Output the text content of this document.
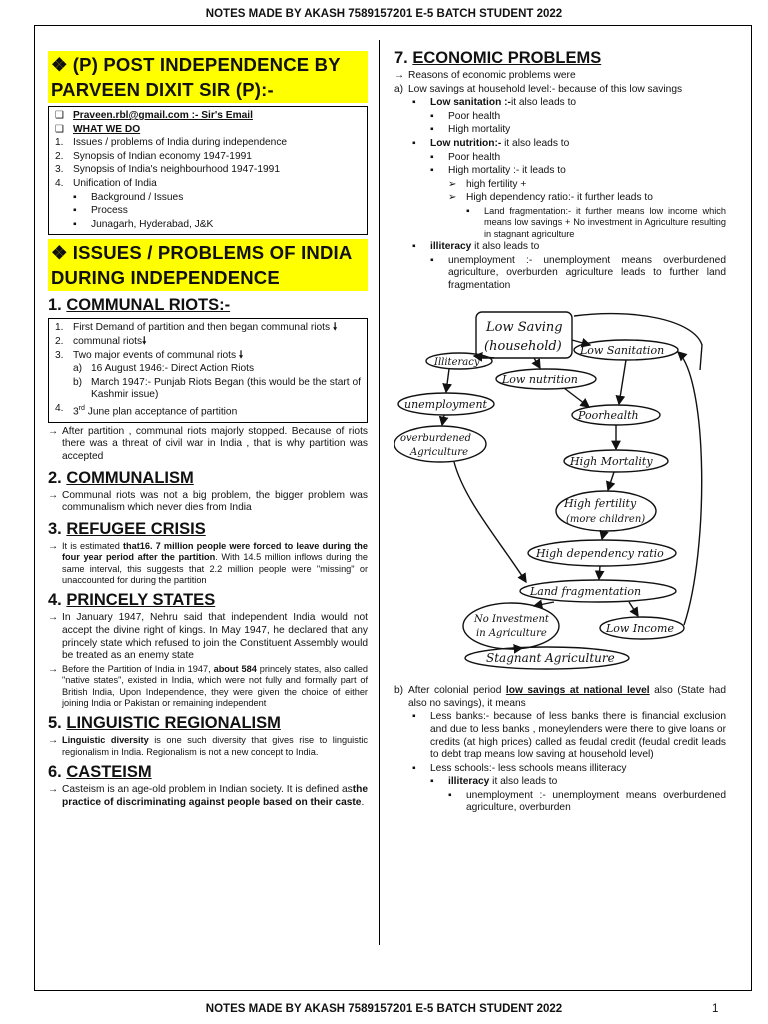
NOTES MADE BY AKASH 7589157201 E-5 BATCH STUDENT 2022
❖ (P) POST INDEPENDENCE BY PARVEEN DIXIT SIR (P):-
❑ Praveen.rbl@gmail.com :- Sir's Email
❑ WHAT WE DO
1. Issues / problems of India during independence
2. Synopsis of Indian economy 1947-1991
3. Synopsis of India's neighbourhood 1947-1991
4. Unification of India
▪	Background / Issues
▪	Process
▪	Junagarh, Hyderabad, J&K
❖ ISSUES / PROBLEMS OF INDIA DURING INDEPENDENCE
1. COMMUNAL RIOTS:-
1. First Demand of partition and then began communal riots 🠗
2. communal riots🠗
3. Two major events of communal riots 🠗
a) 16 August 1946:- Direct Action Riots
b) March 1947:- Punjab Riots Began (this would be the start of Kashmir issue)
4. 3rd June plan acceptance of partition
→ After partition , communal riots majorly stopped. Because of riots there was a threat of civil war in India , that is why partition was accepted
2. COMMUNALISM
→ Communal riots was not a big problem, the bigger problem was communalism which never dies from India
3. REFUGEE CRISIS
→ It is estimated that16. 7 million people were forced to leave during the four year period after the partition. With 14.5 million inflows during the same interval, this suggests that 2.2 million people were "missing" or unaccounted for during the partition
4. PRINCELY STATES
→ In January 1947, Nehru said that independent India would not accept the divine right of kings. In May 1947, he declared that any princely state which refused to join the Constituent Assembly would be treated as an enemy state
→ Before the Partition of India in 1947, about 584 princely states, also called "native states", existed in India, which were not fully and formally part of British India, Upon Independence, they were given the choice of either joining India or Pakistan or remaining independent
5. LINGUISTIC REGIONALISM
→ Linguistic diversity is one such diversity that gives rise to linguistic regionalism in India. Regionalism is not a new concept to India.
6. CASTEISM
→ Casteism is an age-old problem in Indian society. It is defined asthe practice of discriminating against people based on their caste.
7. ECONOMIC PROBLEMS
→ Reasons of economic problems were
a) Low savings at household level:- because of this low savings
▪	Low sanitation :-it also leads to
▪	Poor health
▪	High mortality
▪	Low nutrition:- it also leads to
▪	Poor health
▪	High mortality :- it leads to
➢ high fertility +
➢ High dependency ratio:- it further leads to
▪	Land fragmentation:- it further means low income which means low savings + No investment in Agriculture resulting in stagnant agriculture
▪	illiteracy it also leads to
▪	unemployment :- unemployment means overburdened agriculture, overburden agriculture leads to further land fragmentation
Low Saving
(household)
Illiteracy
Low Sanitation
Low nutrition
unemployment
overburdened
Agriculture
Poorhealth
High Mortality
High fertility
(more children)
High dependency ratio
Land fragmentation
Low Income
No Investment
in Agriculture
Stagnant Agriculture
b) After colonial period low savings at national level also (State had also no savings), it means
▪	Less banks:- because of less banks there is financial exclusion and due to less banks , moneylenders were there to give loans or credits (at high prices) called as feudal credit (feudal credit leads to debt trap means low saving at household level)
▪	Less schools:- less schools means illiteracy
▪	illiteracy it also leads to
▪	unemployment :- unemployment means overburdened agriculture, overburden
NOTES MADE BY AKASH 7589157201 E-5 BATCH STUDENT 2022	1
